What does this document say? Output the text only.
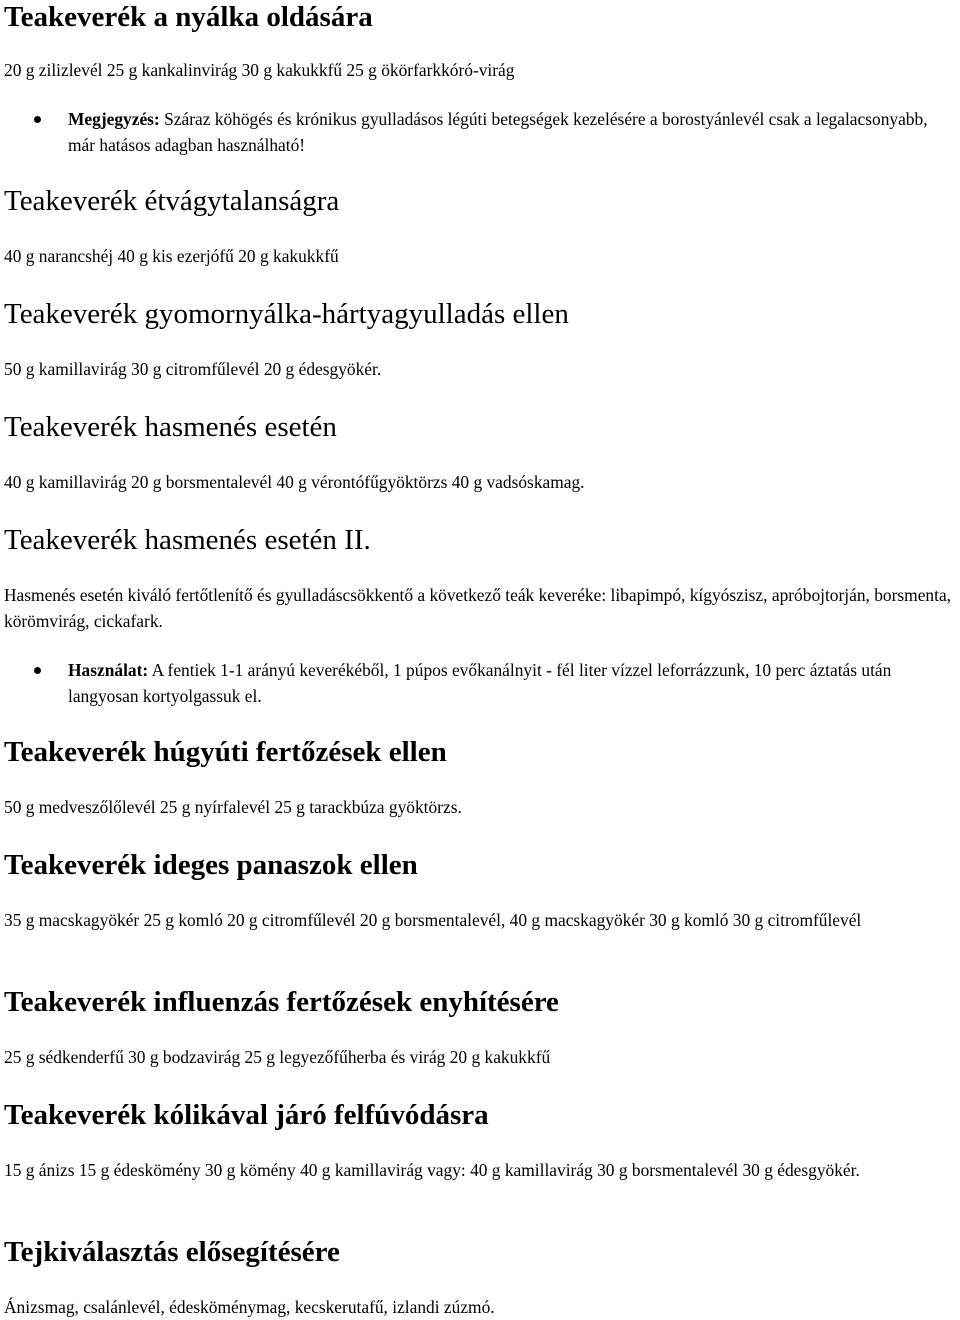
Teakeverék a nyálka oldására

20 g zilizlevél 25 g kankalinvirág 30 g kakukkfű 25 g ökörfarkkóró-virág

Megjegyzés: Száraz köhögés és krónikus gyulladásos légúti betegségek kezelésére a borostyánlevél csak a legalacsonyabb, már hatásos adagban használható!

Teakeverék étvágytalanságra

40 g narancshéj 40 g kis ezerjófű 20 g kakukkfű

Teakeverék gyomornyálka-hártyagyulladás ellen

50 g kamillavirág 30 g citromfűlevél 20 g édesgyökér.

Teakeverék hasmenés esetén

40 g kamillavirág 20 g borsmentalevél 40 g vérontófűgyöktörzs 40 g vadsóskamag.

Teakeverék hasmenés esetén II.

Hasmenés esetén kiváló fertőtlenítő és gyulladáscsökkentő a következő teák keveréke: libapimpó, kígyószisz, apróbojtorján, borsmenta, körömvirág, cickafark.

Használat: A fentiek 1-1 arányú keverékéből, 1 púpos evőkanálnyit - fél liter vízzel leforrázzunk, 10 perc áztatás után langyosan kortyolgassuk el.

Teakeverék húgyúti fertőzések ellen

50 g medveszőlőlevél 25 g nyírfalevél 25 g tarackbúza gyöktörzs.

Teakeverék ideges panaszok ellen

35 g macskagyökér 25 g komló 20 g citromfűlevél 20 g borsmentalevél, 40 g macskagyökér 30 g komló 30 g citromfűlevél

Teakeverék influenzás fertőzések enyhítésére

25 g sédkenderfű 30 g bodzavirág 25 g legyezőfűherba és virág 20 g kakukkfű

Teakeverék kólikával járó felfúvódásra

15 g ánizs 15 g édeskömény 30 g kömény 40 g kamillavirág vagy: 40 g kamillavirág 30 g borsmentalevél 30 g édesgyökér.

Tejkiválasztás elősegítésére

Ánizsmag, csalánlevél, édesköménymag, kecskerutafű, izlandi zúzmó.
